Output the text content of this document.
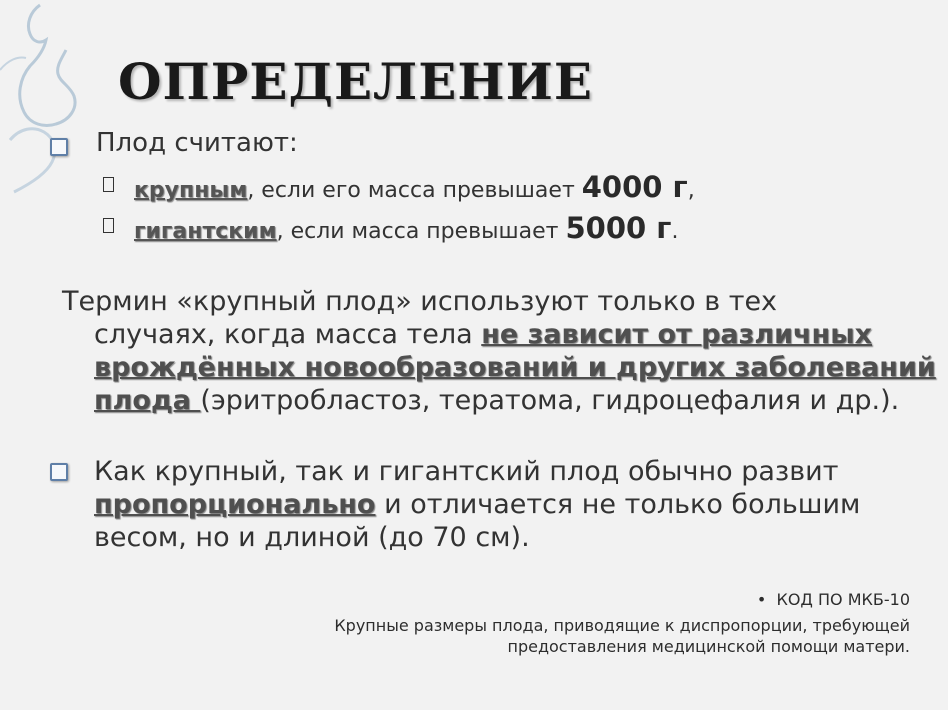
ОПРЕДЕЛЕНИЕ
Плод считают:
крупным, если его масса превышает 4000 г,
гигантским, если масса превышает 5000 г.
Термин «крупный плод» используют только в тех
случаях, когда масса тела не зависит от различных
врождённых новообразований и других заболеваний
плода (эритробластоз, тератома, гидроцефалия и др.).
Как крупный, так и гигантский плод обычно развит
пропорционально и отличается не только большим
весом, но и длиной (до 70 см).
•  КОД ПО МКБ-10
Крупные размеры плода, приводящие к диспропорции, требующей
предоставления медицинской помощи матери.
